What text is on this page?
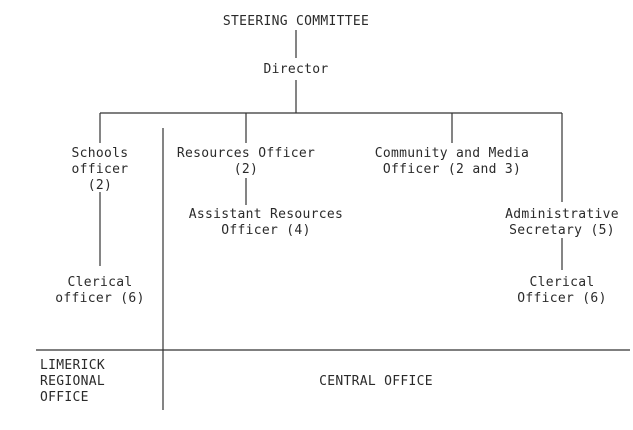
STEERING COMMITTEE
Director
Schools
officer
(2)
Resources Officer
(2)
Community and Media
Officer (2 and 3)
Assistant Resources
Officer (4)
Administrative
Secretary (5)
Clerical
officer (6)
Clerical
Officer (6)
LIMERICK
REGIONAL
OFFICE
CENTRAL OFFICE
